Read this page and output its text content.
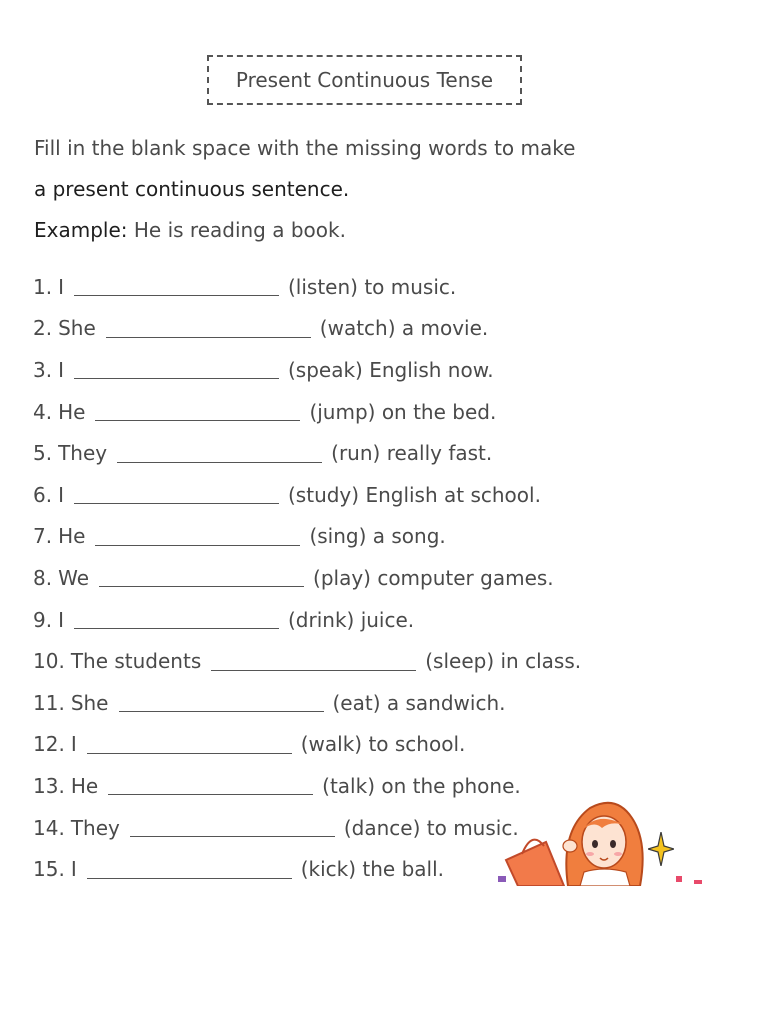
Present Continuous Tense
Fill in the blank space with the missing words to make
a present continuous sentence.
Example: He is reading a book.
1. I	(listen)
to music.
2. She	(watch)
a movie.
3. I	(speak)
English now.
4. He	(jump)
on the bed.
5. They	(run)
really fast.
6. I	(study)
English at school.
7. He	(sing)
a song.
8. We	(play)
computer games.
9. I	(drink)
juice.
10. The students	(sleep)
in class.
11. She	(eat)
a sandwich.
12. I	(walk)
to school.
13. He	(talk)
on the phone.
14. They	(dance)
to music.
15. I	(kick)
the ball.
